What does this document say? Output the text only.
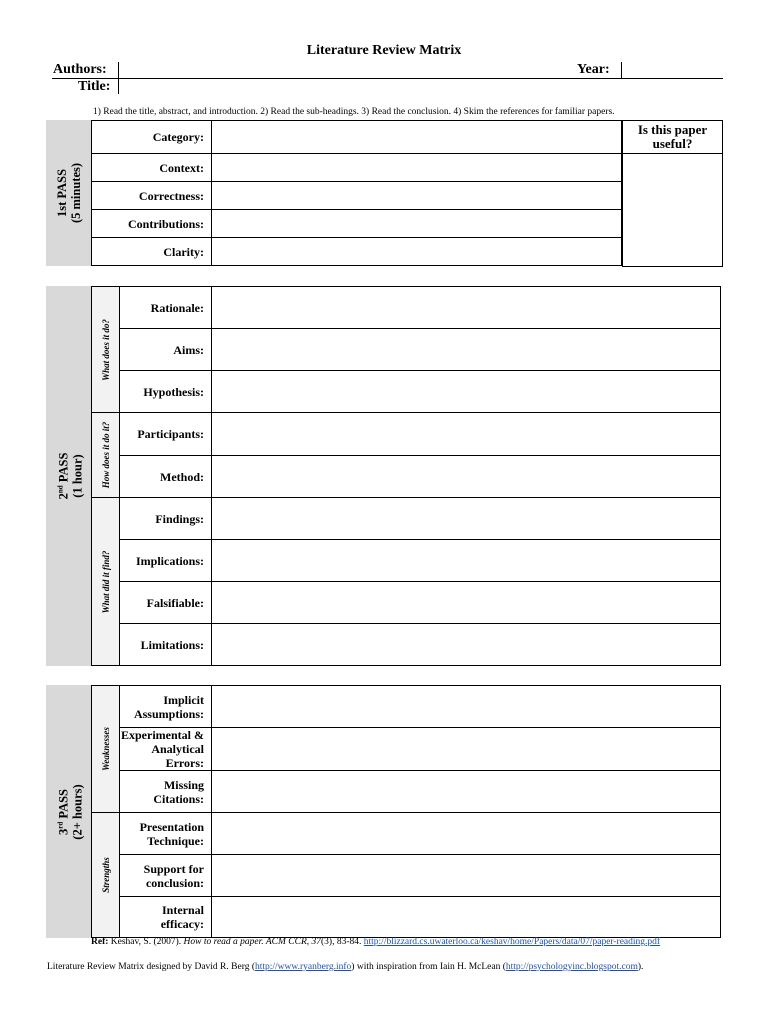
Literature Review Matrix
Authors:	Year:
Title:
1) Read the title, abstract, and introduction. 2) Read the sub-headings. 3) Read the conclusion. 4) Skim the references for familiar papers.
1st PASS (5 minutes)
Category:
Context:
Correctness:
Contributions:
Clarity:
Is this paper useful?
2nd PASS (1 hour)
What does it do?
Rationale:
Aims:
Hypothesis:
How does it do it?	Participants:
Method:
What did it find?
Findings:
Implications:
Falsifiable:
Limitations:
3rd PASS (2+ hours)
Weaknesses
Implicit Assumptions:
Experimental & Analytical Errors:
Missing Citations:
Strengths
Presentation Technique:
Support for conclusion:
Internal efficacy:
Ref: Keshav, S. (2007). How to read a paper. ACM CCR, 37(3), 83-84. http://blizzard.cs.uwaterloo.ca/keshav/home/Papers/data/07/paper-reading.pdf
Literature Review Matrix designed by David R. Berg (http://www.ryanberg.info) with inspiration from Iain H. McLean (http://psychologyinc.blogspot.com).
